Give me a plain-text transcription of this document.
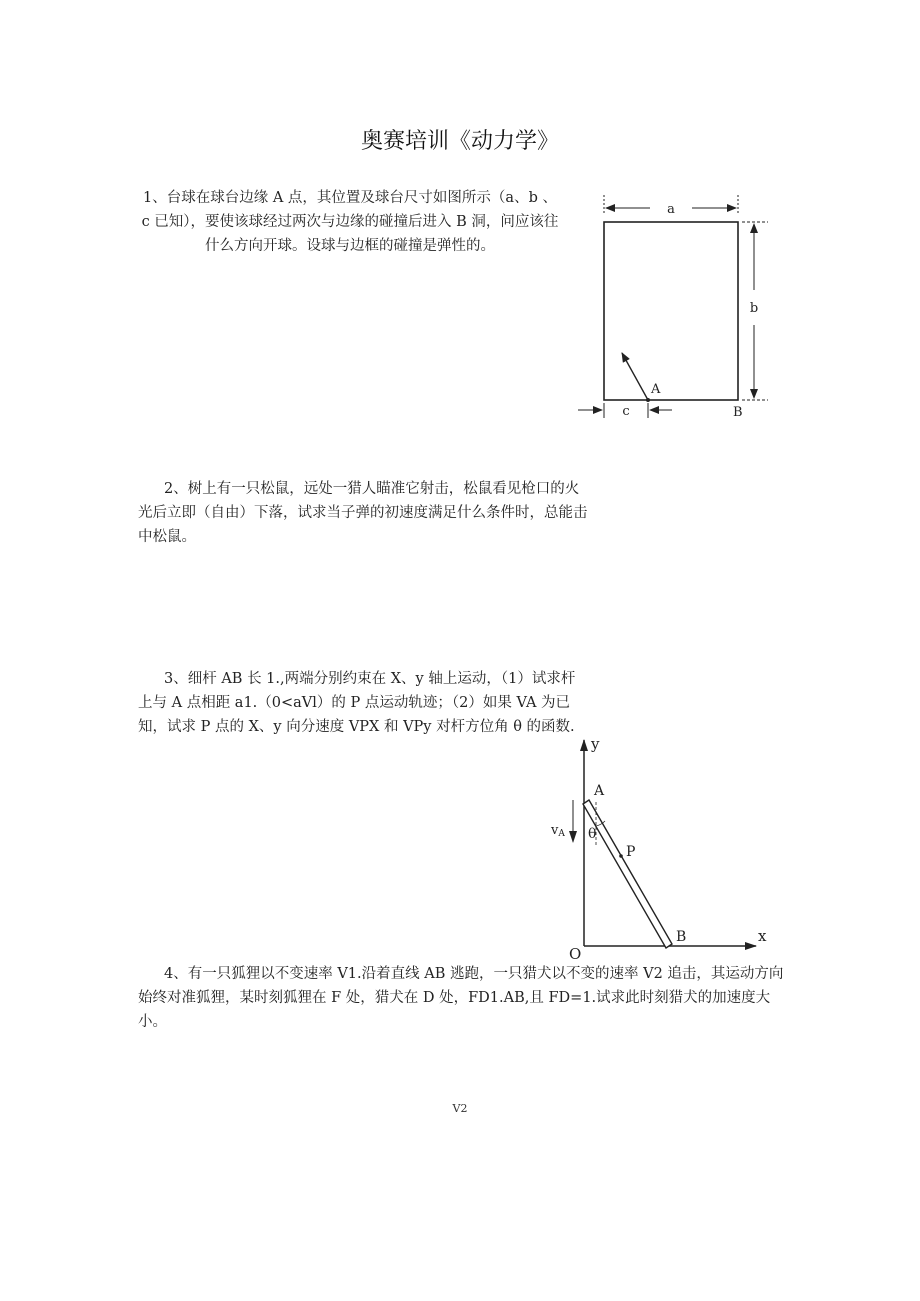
奥赛培训《动力学》
1、台球在球台边缘 A 点，其位置及球台尺寸如图所示（a、b 、c 已知），要使该球经过两次与边缘的碰撞后进入 B 洞，问应该往什么方向开球。设球与边框的碰撞是弹性的。
a
b
c
A
B
2、树上有一只松鼠，远处一猎人瞄准它射击，松鼠看见枪口的火光后立即（自由）下落，试求当子弹的初速度满足什么条件时，总能击中松鼠。
3、细杆 AB 长 1.,两端分别约束在 X、y 轴上运动，（1）试求杆上与 A 点相距 a1.（0<aVl）的 P 点运动轨迹；（2）如果 VA 为已知，试求 P 点的 X、y 向分速度 VPX 和 VPy 对杆方位角 θ 的函数.
y
x
O
A
θ
P
B
vA
4、有一只狐狸以不变速率 V1.沿着直线 AB 逃跑，一只猎犬以不变的速率 V2 追击，其运动方向始终对准狐狸，某时刻狐狸在 F 处，猎犬在 D 处，FD1.AB,且 FD=1.试求此时刻猎犬的加速度大小。
V2
